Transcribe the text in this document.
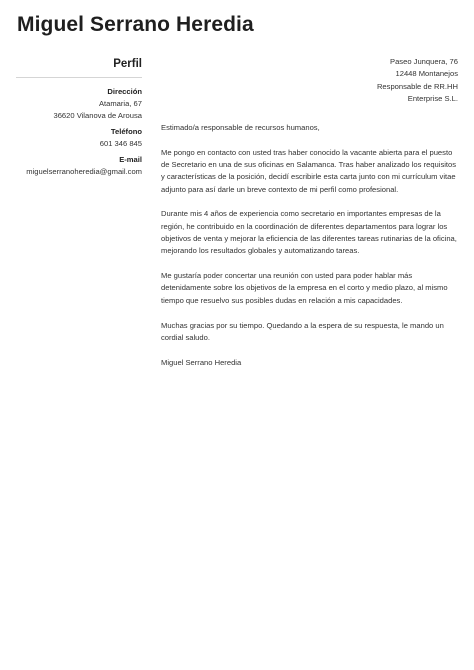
Miguel Serrano Heredia
Perfil
Dirección
Atamaria, 67
36620 Vilanova de Arousa
Teléfono
601 346 845
E-mail
miguelserranoheredia@gmail.com
Paseo Junquera, 76
12448 Montanejos
Responsable de RR.HH
Enterprise S.L.

Estimado/a responsable de recursos humanos,

Me pongo en contacto con usted tras haber conocido la vacante abierta para el puesto de Secretario en una de sus oficinas en Salamanca. Tras haber analizado los requisitos y características de la posición, decidí escribirle esta carta junto con mi currículum vitae adjunto para así darle un breve contexto de mi perfil como profesional.

Durante mis 4 años de experiencia como secretario en importantes empresas de la región, he contribuido en la coordinación de diferentes departamentos para lograr los objetivos de venta y mejorar la eficiencia de las diferentes tareas rutinarias de la oficina, mejorando los resultados globales y automatizando tareas.

Me gustaría poder concertar una reunión con usted para poder hablar más detenidamente sobre los objetivos de la empresa en el corto y medio plazo, al mismo tiempo que resuelvo sus posibles dudas en relación a mis capacidades.

Muchas gracias por su tiempo. Quedando a la espera de su respuesta, le mando un cordial saludo.

Miguel Serrano Heredia
